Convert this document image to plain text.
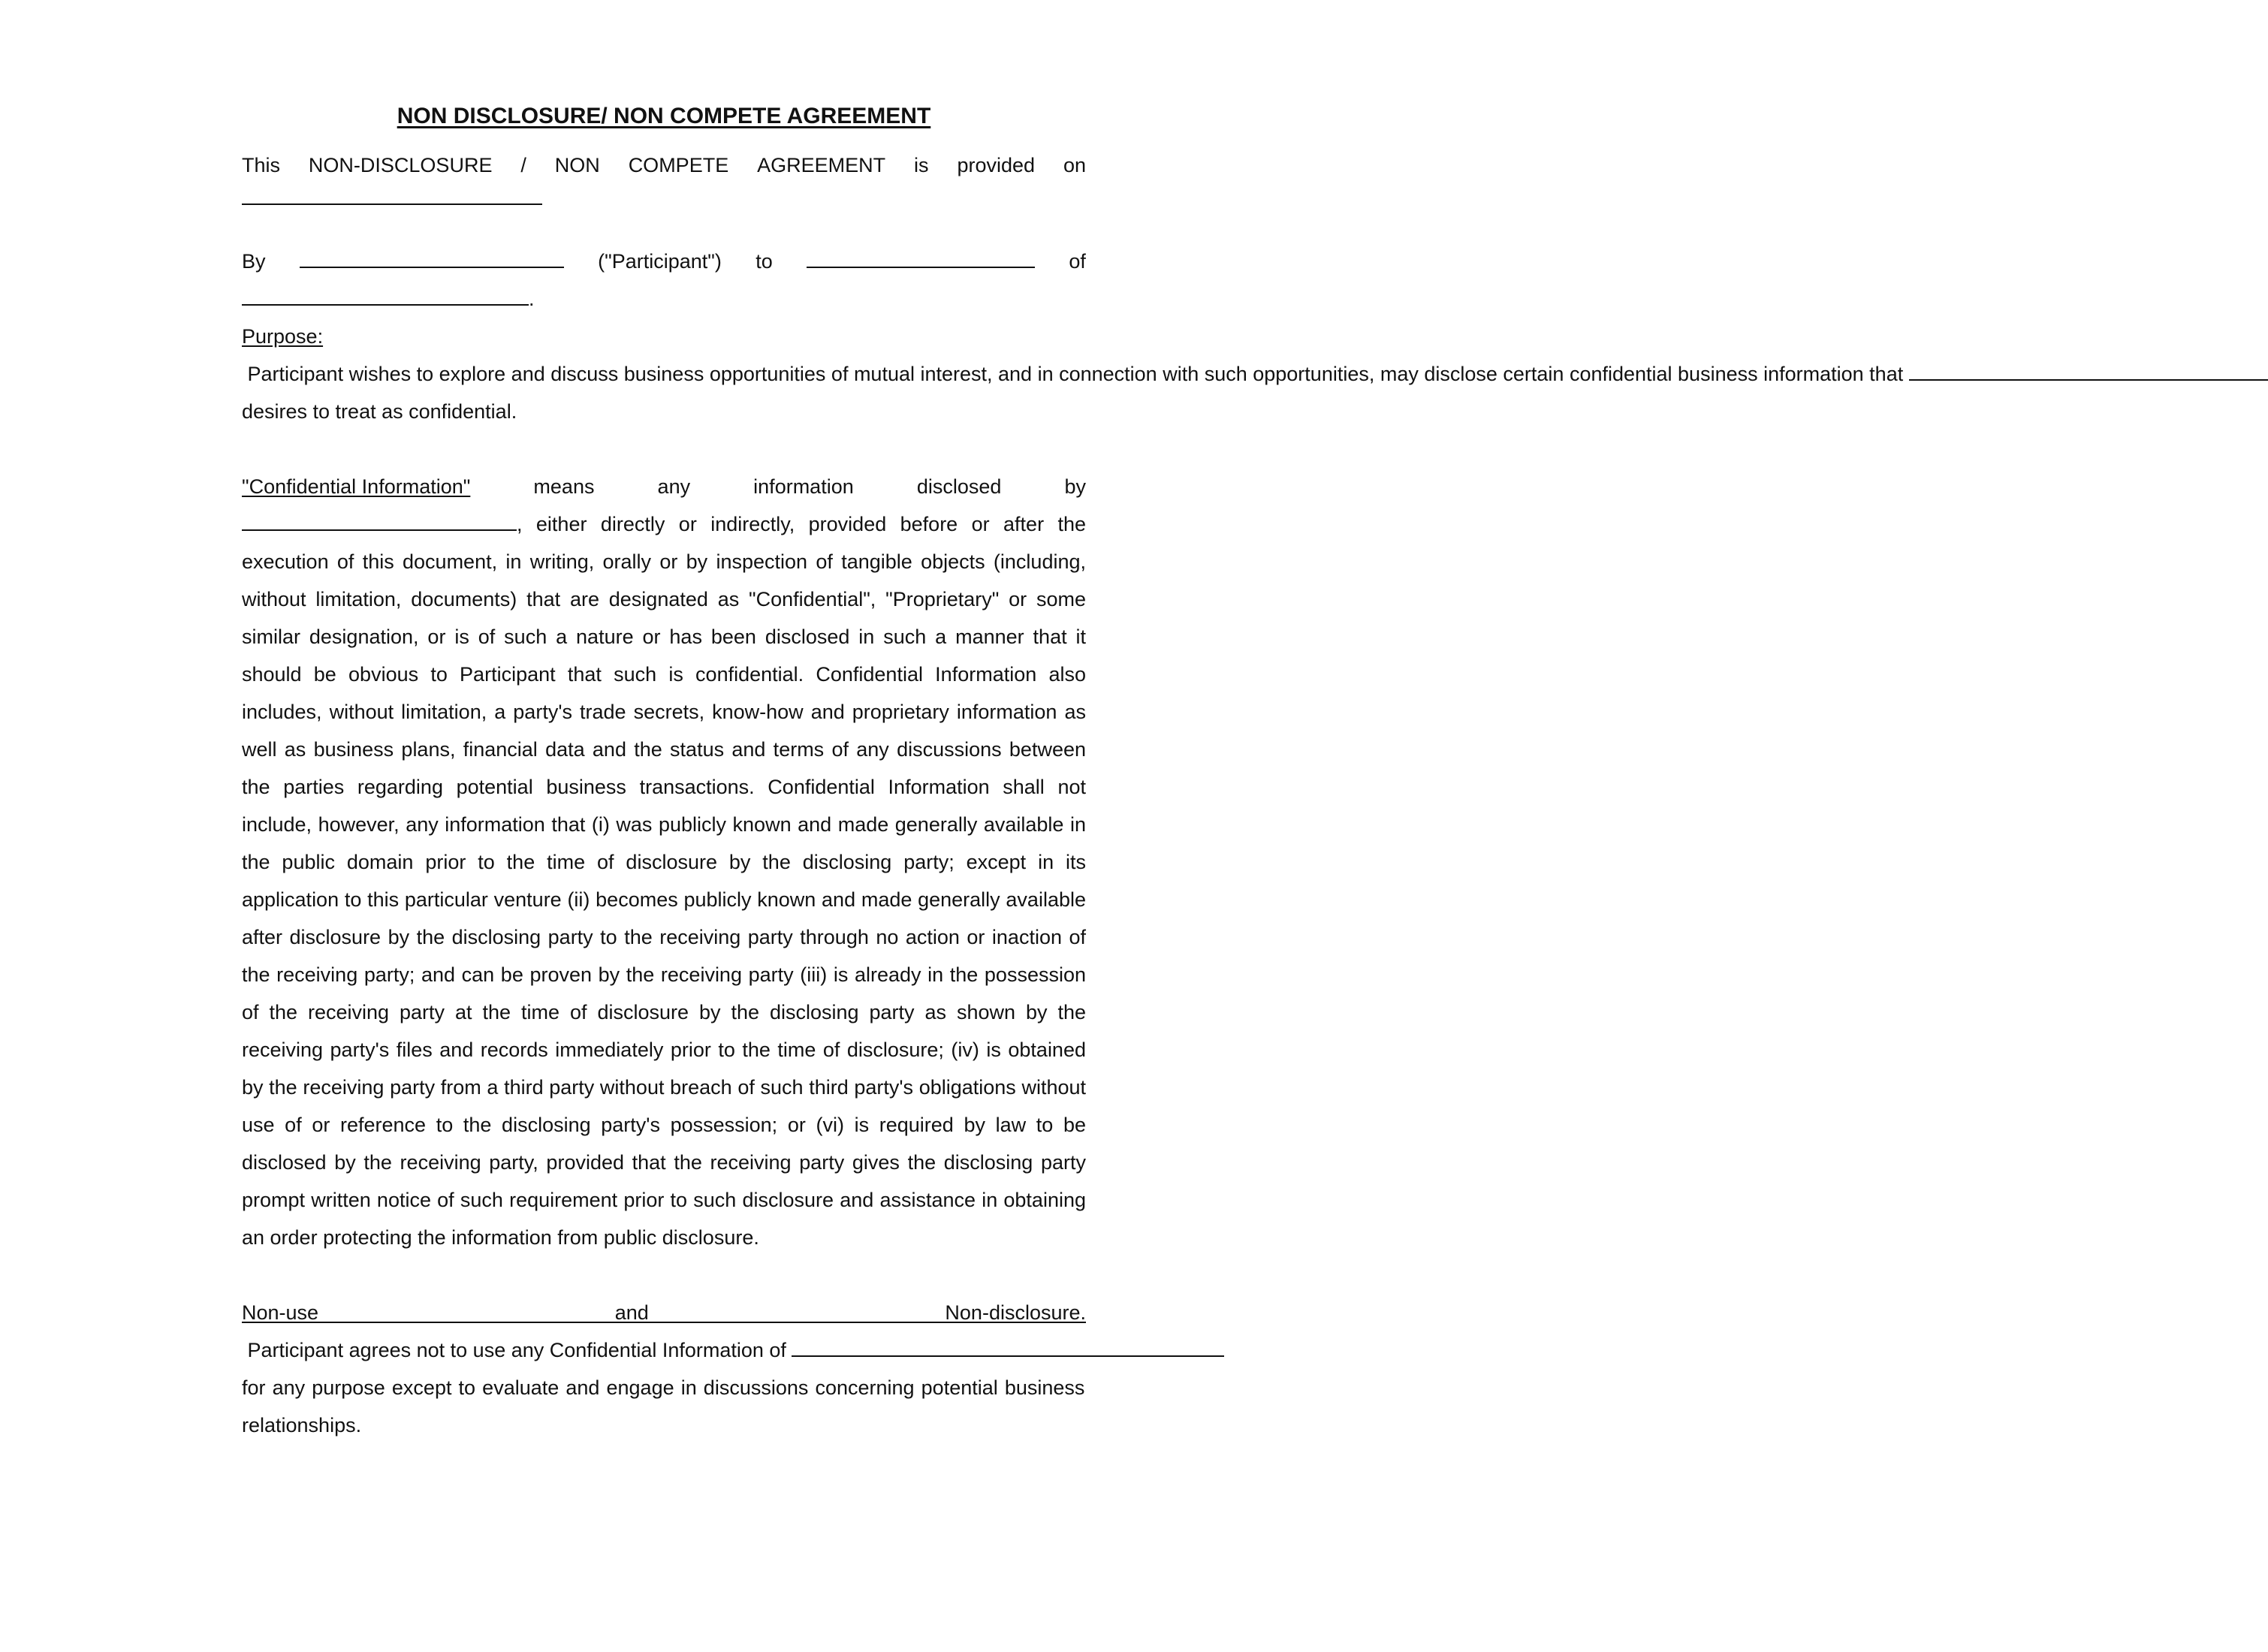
NON DISCLOSURE/ NON COMPETE AGREEMENT
This NON-DISCLOSURE / NON COMPETE AGREEMENT is provided on
By	("Participant") to	of
.

Purpose: Participant wishes to explore and discuss business opportunities of mutual interest, and in connection with such opportunities, may disclose certain confidential business information that  desires to treat as confidential.

"Confidential Information"	means	any	information	disclosed	by

, either directly or indirectly, provided before or after the execution of this document, in writing, orally or by inspection of tangible objects (including, without limitation, documents) that are designated as "Confidential", "Proprietary" or some similar designation, or is of such a nature or has been disclosed in such a manner that it should be obvious to Participant that such is confidential. Confidential Information also includes, without limitation, a party's trade secrets, know-how and proprietary information as well as business plans, financial data and the status and terms of any discussions between the parties regarding potential business transactions. Confidential Information shall not include, however, any information that (i) was publicly known and made generally available in the public domain prior to the time of disclosure by the disclosing party; except in its application to this particular venture (ii) becomes publicly known and made generally available after disclosure by the disclosing party to the receiving party through no action or inaction of the receiving party; and can be proven by the receiving party (iii) is already in the possession of the receiving party at the time of disclosure by the disclosing party as shown by the receiving party's files and records immediately prior to the time of disclosure; (iv) is obtained by the receiving party from a third party without breach of such third party's obligations without use of or reference to the disclosing party's possession; or (vi) is required by law to be disclosed by the receiving party, provided that the receiving party gives the disclosing party prompt written notice of such requirement prior to such disclosure and assistance in obtaining an order protecting the information from public disclosure.

Non-use and Non-disclosure. Participant agrees not to use any Confidential Information of  for any purpose except to evaluate and engage in discussions concerning potential business relationships.
